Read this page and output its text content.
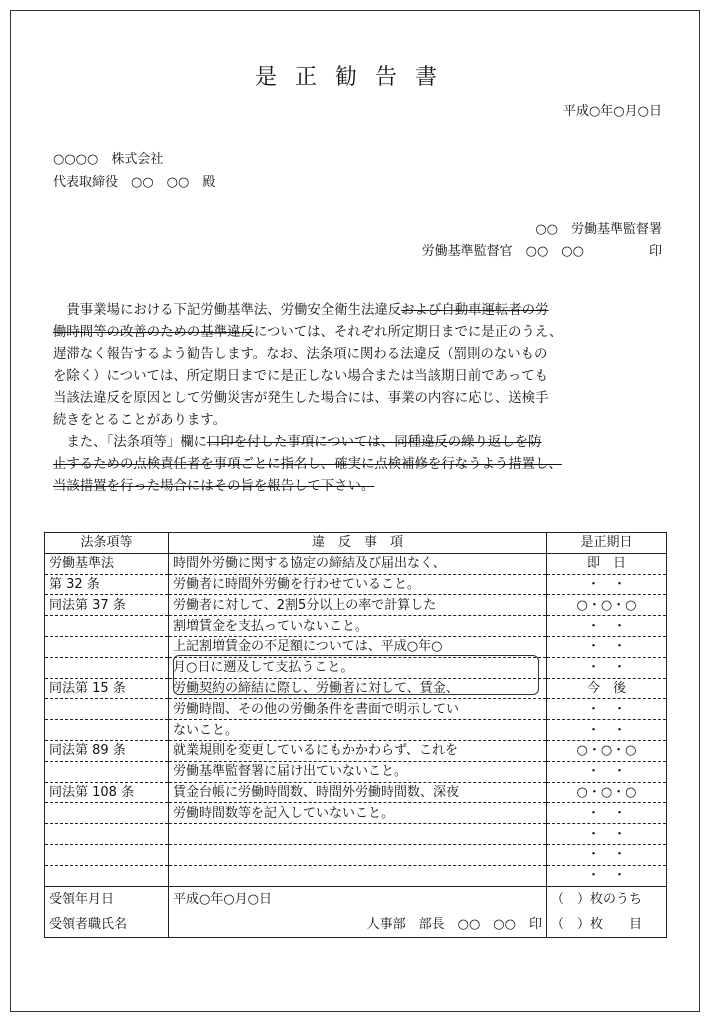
是正勧告書
平成○年○月○日
○○○○　株式会社
代表取締役　○○　○○　殿
○○　労働基準監督署
労働基準監督官　○○　○○　　　　　印
　貴事業場における下記労働基準法、労働安全衛生法違反および自動車運転者の労
働時間等の改善のための基準違反については、それぞれ所定期日までに是正のうえ、
遅滞なく報告するよう勧告します。なお、法条項に関わる法違反（罰則のないもの
を除く）については、所定期日までに是正しない場合または当該期日前であっても
当該法違反を原因として労働災害が発生した場合には、事業の内容に応じ、送検手
続きをとることがあります。
　また、「法条項等」欄に口印を付した事項については、同種違反の繰り返しを防
止するための点検責任者を事項ごとに指名し、確実に点検補修を行なうよう措置し、
当該措置を行った場合にはその旨を報告して下さい。
法条項等	違　反　事　項	是正期日
労働基準法	時間外労働に関する協定の締結及び届出なく、	即　日
第 32 条	労働者に時間外労働を行わせていること。	・　・
同法第 37 条	労働者に対して、2割5分以上の率で計算した	○・○・○
	割増賃金を支払っていないこと。	・　・
	上記割増賃金の不足額については、平成○年○	・　・
	月○日に遡及して支払うこと。	・　・
同法第 15 条	労働契約の締結に際し、労働者に対して、賃金、	今　後
	労働時間、その他の労働条件を書面で明示してい	・　・
	ないこと。	・　・
同法第 89 条	就業規則を変更しているにもかかわらず、これを	○・○・○
	労働基準監督署に届け出ていないこと。	・　・
同法第 108 条	賃金台帳に労働時間数、時間外労働時間数、深夜	○・○・○
	労働時間数等を記入していないこと。	・　・
		・　・
		・　・
		・　・
受領年月日	平成○年○月○日	（　）枚のうち
受領者職氏名	人事部　部長　○○　○○　印	（　）枚　　目
